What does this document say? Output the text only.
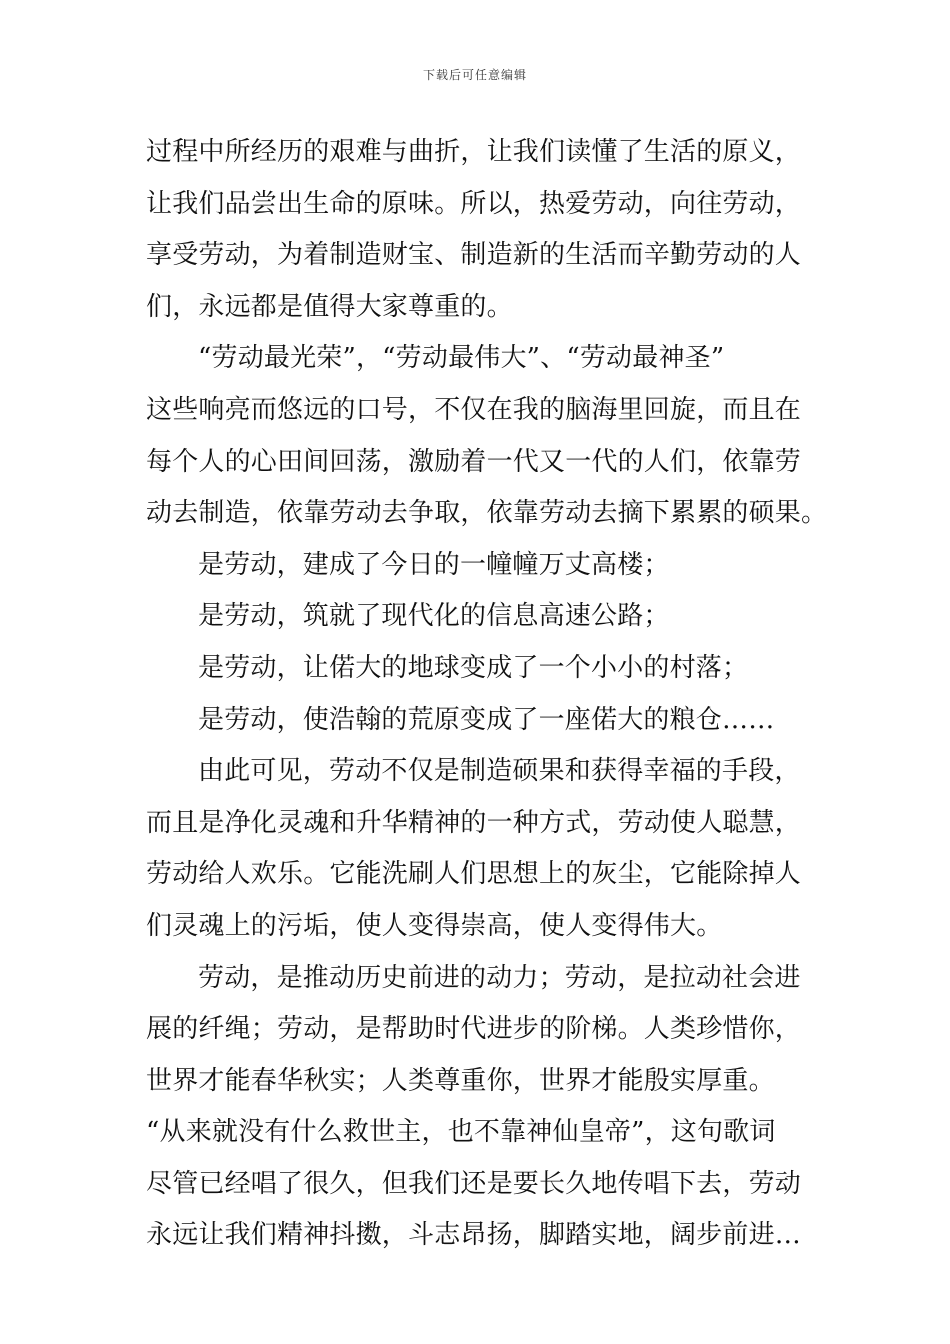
下载后可任意编辑
过程中所经历的艰难与曲折，让我们读懂了生活的原义，
让我们品尝出生命的原味。所以，热爱劳动，向往劳动，
享受劳动，为着制造财宝、制造新的生活而辛勤劳动的人
们，永远都是值得大家尊重的。
“劳动最光荣”，“劳动最伟大”、“劳动最神圣”
这些响亮而悠远的口号，不仅在我的脑海里回旋，而且在
每个人的心田间回荡，激励着一代又一代的人们，依靠劳
动去制造，依靠劳动去争取，依靠劳动去摘下累累的硕果。
是劳动，建成了今日的一幢幢万丈高楼；
是劳动，筑就了现代化的信息高速公路；
是劳动，让偌大的地球变成了一个小小的村落；
是劳动，使浩翰的荒原变成了一座偌大的粮仓……
由此可见，劳动不仅是制造硕果和获得幸福的手段，
而且是净化灵魂和升华精神的一种方式，劳动使人聪慧，
劳动给人欢乐。它能洗刷人们思想上的灰尘，它能除掉人
们灵魂上的污垢，使人变得崇高，使人变得伟大。
劳动，是推动历史前进的动力；劳动，是拉动社会进
展的纤绳；劳动，是帮助时代进步的阶梯。人类珍惜你，
世界才能春华秋实；人类尊重你，世界才能殷实厚重。
“从来就没有什么救世主，也不靠神仙皇帝”，这句歌词
尽管已经唱了很久，但我们还是要长久地传唱下去，劳动
永远让我们精神抖擞，斗志昂扬，脚踏实地，阔步前进…
